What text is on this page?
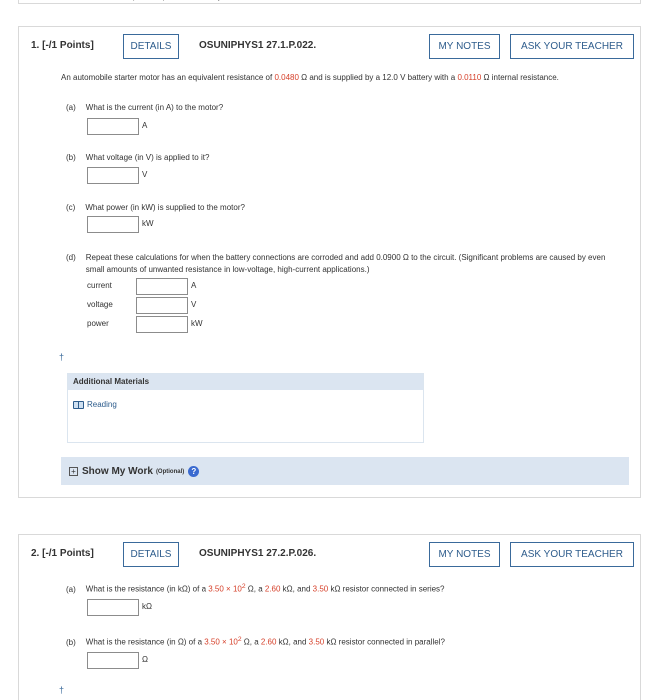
1. [-/1 Points]	DETAILS	OSUNIPHYS1 27.1.P.022.	MY NOTES	ASK YOUR TEACHER
An automobile starter motor has an equivalent resistance of 0.0480 Ω and is supplied by a 12.0 V battery with a 0.0110 Ω internal resistance.
(a) What is the current (in A) to the motor?
A
(b) What voltage (in V) is applied to it?
V
(c) What power (in kW) is supplied to the motor?
kW
(d) Repeat these calculations for when the battery connections are corroded and add 0.0900 Ω to the circuit. (Significant problems are caused by even small amounts of unwanted resistance in low-voltage, high-current applications.)
current	A
voltage	V
power	kW
†
Additional Materials
Reading
+ Show My Work (Optional) ?
2. [-/1 Points]	DETAILS	OSUNIPHYS1 27.2.P.026.	MY NOTES	ASK YOUR TEACHER
(a) What is the resistance (in kΩ) of a $3.50 \times 10^2$ Ω, a 2.60 kΩ, and 3.50 kΩ resistor connected in series?
kΩ
(b) What is the resistance (in Ω) of a $3.50 \times 10^2$ Ω, a 2.60 kΩ, and 3.50 kΩ resistor connected in parallel?
Ω
†
